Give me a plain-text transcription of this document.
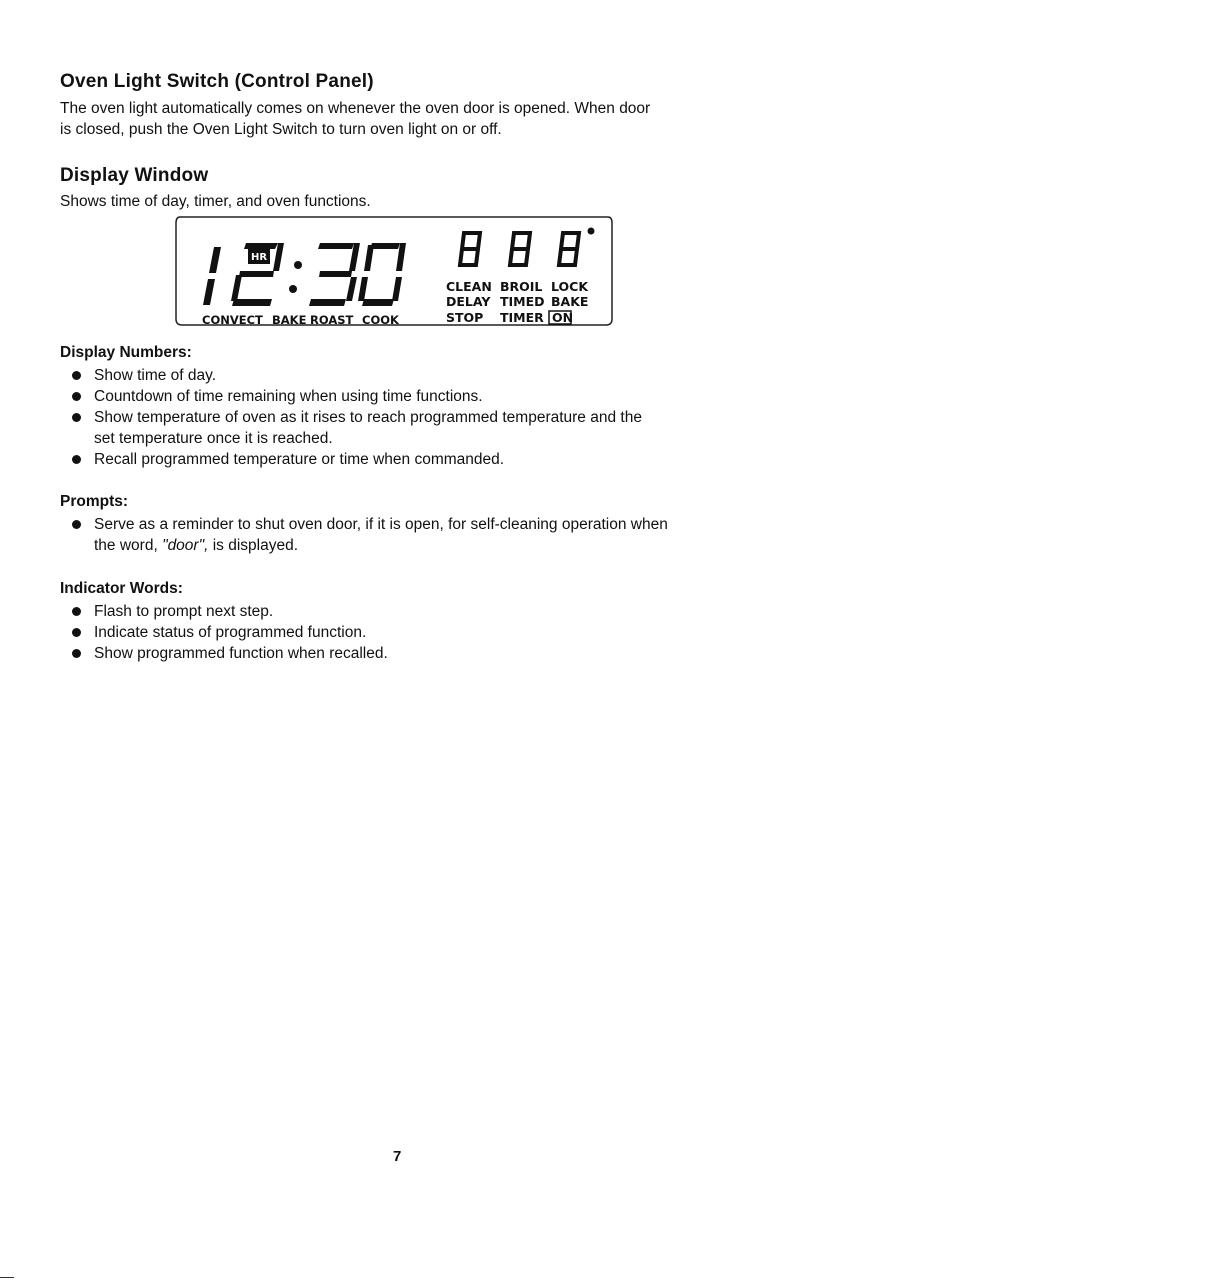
Oven Light Switch (Control Panel)

The oven light automatically comes on whenever the oven door is opened. When door

is closed, push the Oven Light Switch to turn oven light on or off.

Display Window

Shows time of day, timer, and oven functions.

HR
CLEAN BROIL LOCK
DELAY TIMED BAKE
STOP TIMER ON
CONVECT BAKE ROAST COOK

Display Numbers:

Show time of day.
Countdown of time remaining when using time functions.
Show temperature of oven as it rises to reach programmed temperature and the
set temperature once it is reached.
Recall programmed temperature or time when commanded.

Prompts:

Serve as a reminder to shut oven door, if it is open, for self-cleaning operation when
the word, "door", is displayed.

Indicator Words:

Flash to prompt next step.
Indicate status of programmed function.
Show programmed function when recalled.
7
